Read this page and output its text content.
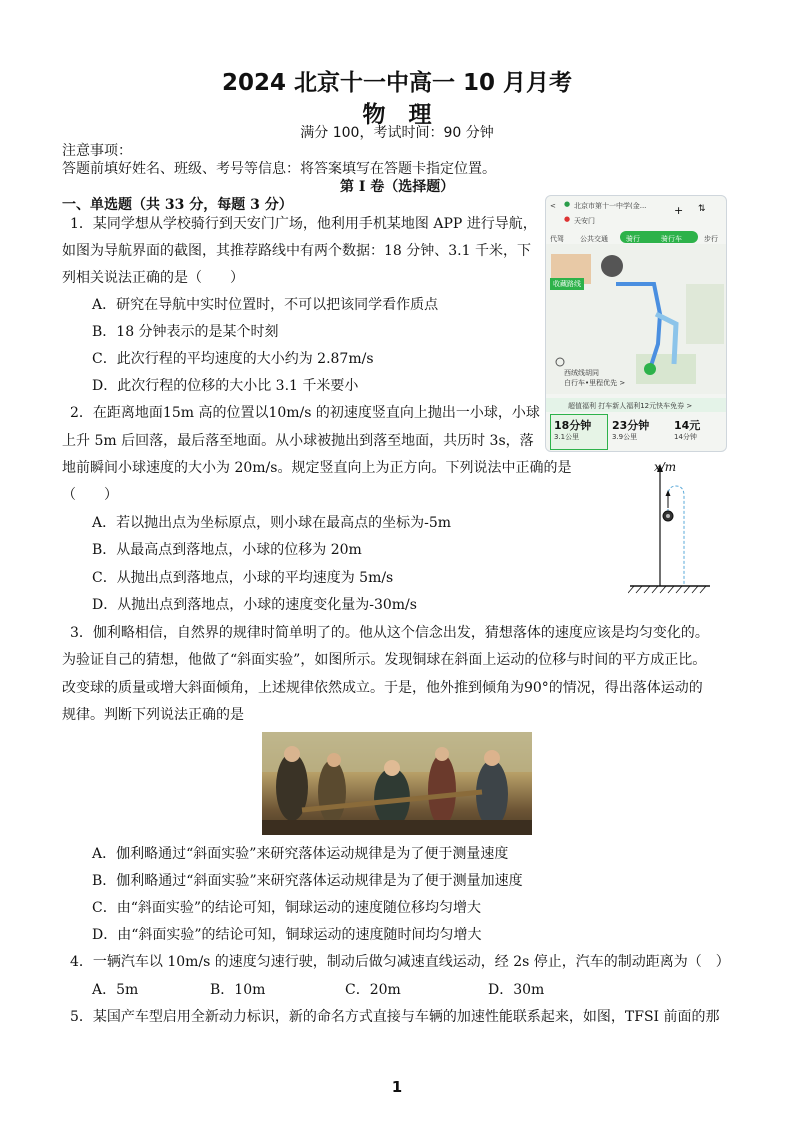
2024 北京十一中高一 10 月月考
物　理
满分 100，考试时间：90 分钟
注意事项：
答题前填好姓名、班级、考号等信息：将答案填写在答题卡指定位置。
第 I 卷（选择题）
一、单选题（共 33 分，每题 3 分）
1．某同学想从学校骑行到天安门广场，他利用手机某地图 APP 进行导航，
如图为导航界面的截图，其推荐路线中有两个数据：18 分钟、3.1 千米，下
列相关说法正确的是（　　）
A．研究在导航中实时位置时，不可以把该同学看作质点
B．18 分钟表示的是某个时刻
C．此次行程的平均速度的大小约为 2.87m/s
D．此次行程的位移的大小比 3.1 千米要小
< ● 北京市第十一中学(金...
● 天安门
+ ⇅
代驾 公共交通	骑行	骑行车	步行
收藏路线
西绒线胡同
白行车•里程优先 >
超值福利 打车新人福利12元快车免券 >
18分钟
3.1公里
23分钟
3.9公里
14元
14分钟
2．在距离地面15m 高的位置以10m/s 的初速度竖直向上抛出一小球，小球
上升 5m 后回落，最后落至地面。从小球被抛出到落至地面，共历时 3s，落
地前瞬间小球速度的大小为 20m/s。规定竖直向上为正方向。下列说法中正确的是
（　　）
A．若以抛出点为坐标原点，则小球在最高点的坐标为-5m
B．从最高点到落地点，小球的位移为 20m
C．从抛出点到落地点，小球的平均速度为 5m/s
D．从抛出点到落地点，小球的速度变化量为-30m/s
x/m
3．伽利略相信，自然界的规律时简单明了的。他从这个信念出发，猜想落体的速度应该是均匀变化的。
为验证自己的猜想，他做了“斜面实验”，如图所示。发现铜球在斜面上运动的位移与时间的平方成正比。
改变球的质量或增大斜面倾角，上述规律依然成立。于是，他外推到倾角为90°的情况，得出落体运动的
规律。判断下列说法正确的是
A．伽利略通过“斜面实验”来研究落体运动规律是为了便于测量速度
B．伽利略通过“斜面实验”来研究落体运动规律是为了便于测量加速度
C．由“斜面实验”的结论可知，铜球运动的速度随位移均匀增大
D．由“斜面实验”的结论可知，铜球运动的速度随时间均匀增大
4．一辆汽车以 10m/s 的速度匀速行驶，制动后做匀减速直线运动，经 2s 停止，汽车的制动距离为（　）
A．5m	B．10m	C．20m	D．30m
5．某国产车型启用全新动力标识，新的命名方式直接与车辆的加速性能联系起来，如图，TFSI 前面的那
1
